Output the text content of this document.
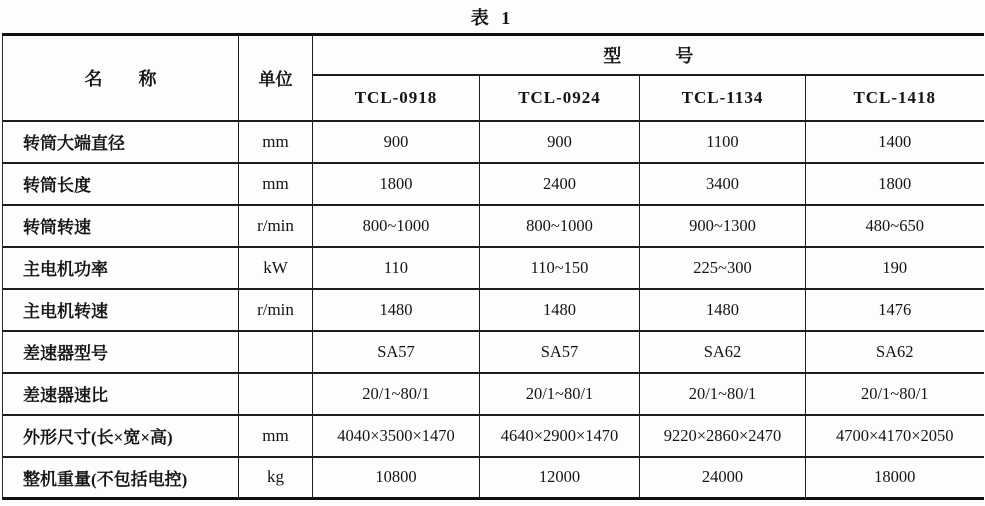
表 1
名　　称	单位	型　　　号			
		TCL-0918	TCL-0924	TCL-1134	TCL-1418
转筒大端直径	mm	900	900	1100	1400
转筒长度	mm	1800	2400	3400	1800
转筒转速	r/min	800~1000	800~1000	900~1300	480~650
主电机功率	kW	110	110~150	225~300	190
主电机转速	r/min	1480	1480	1480	1476
差速器型号		SA57	SA57	SA62	SA62
差速器速比		20/1~80/1	20/1~80/1	20/1~80/1	20/1~80/1
外形尺寸(长×宽×高)	mm	4040×3500×1470	4640×2900×1470	9220×2860×2470	4700×4170×2050
整机重量(不包括电控)	kg	10800	12000	24000	18000
